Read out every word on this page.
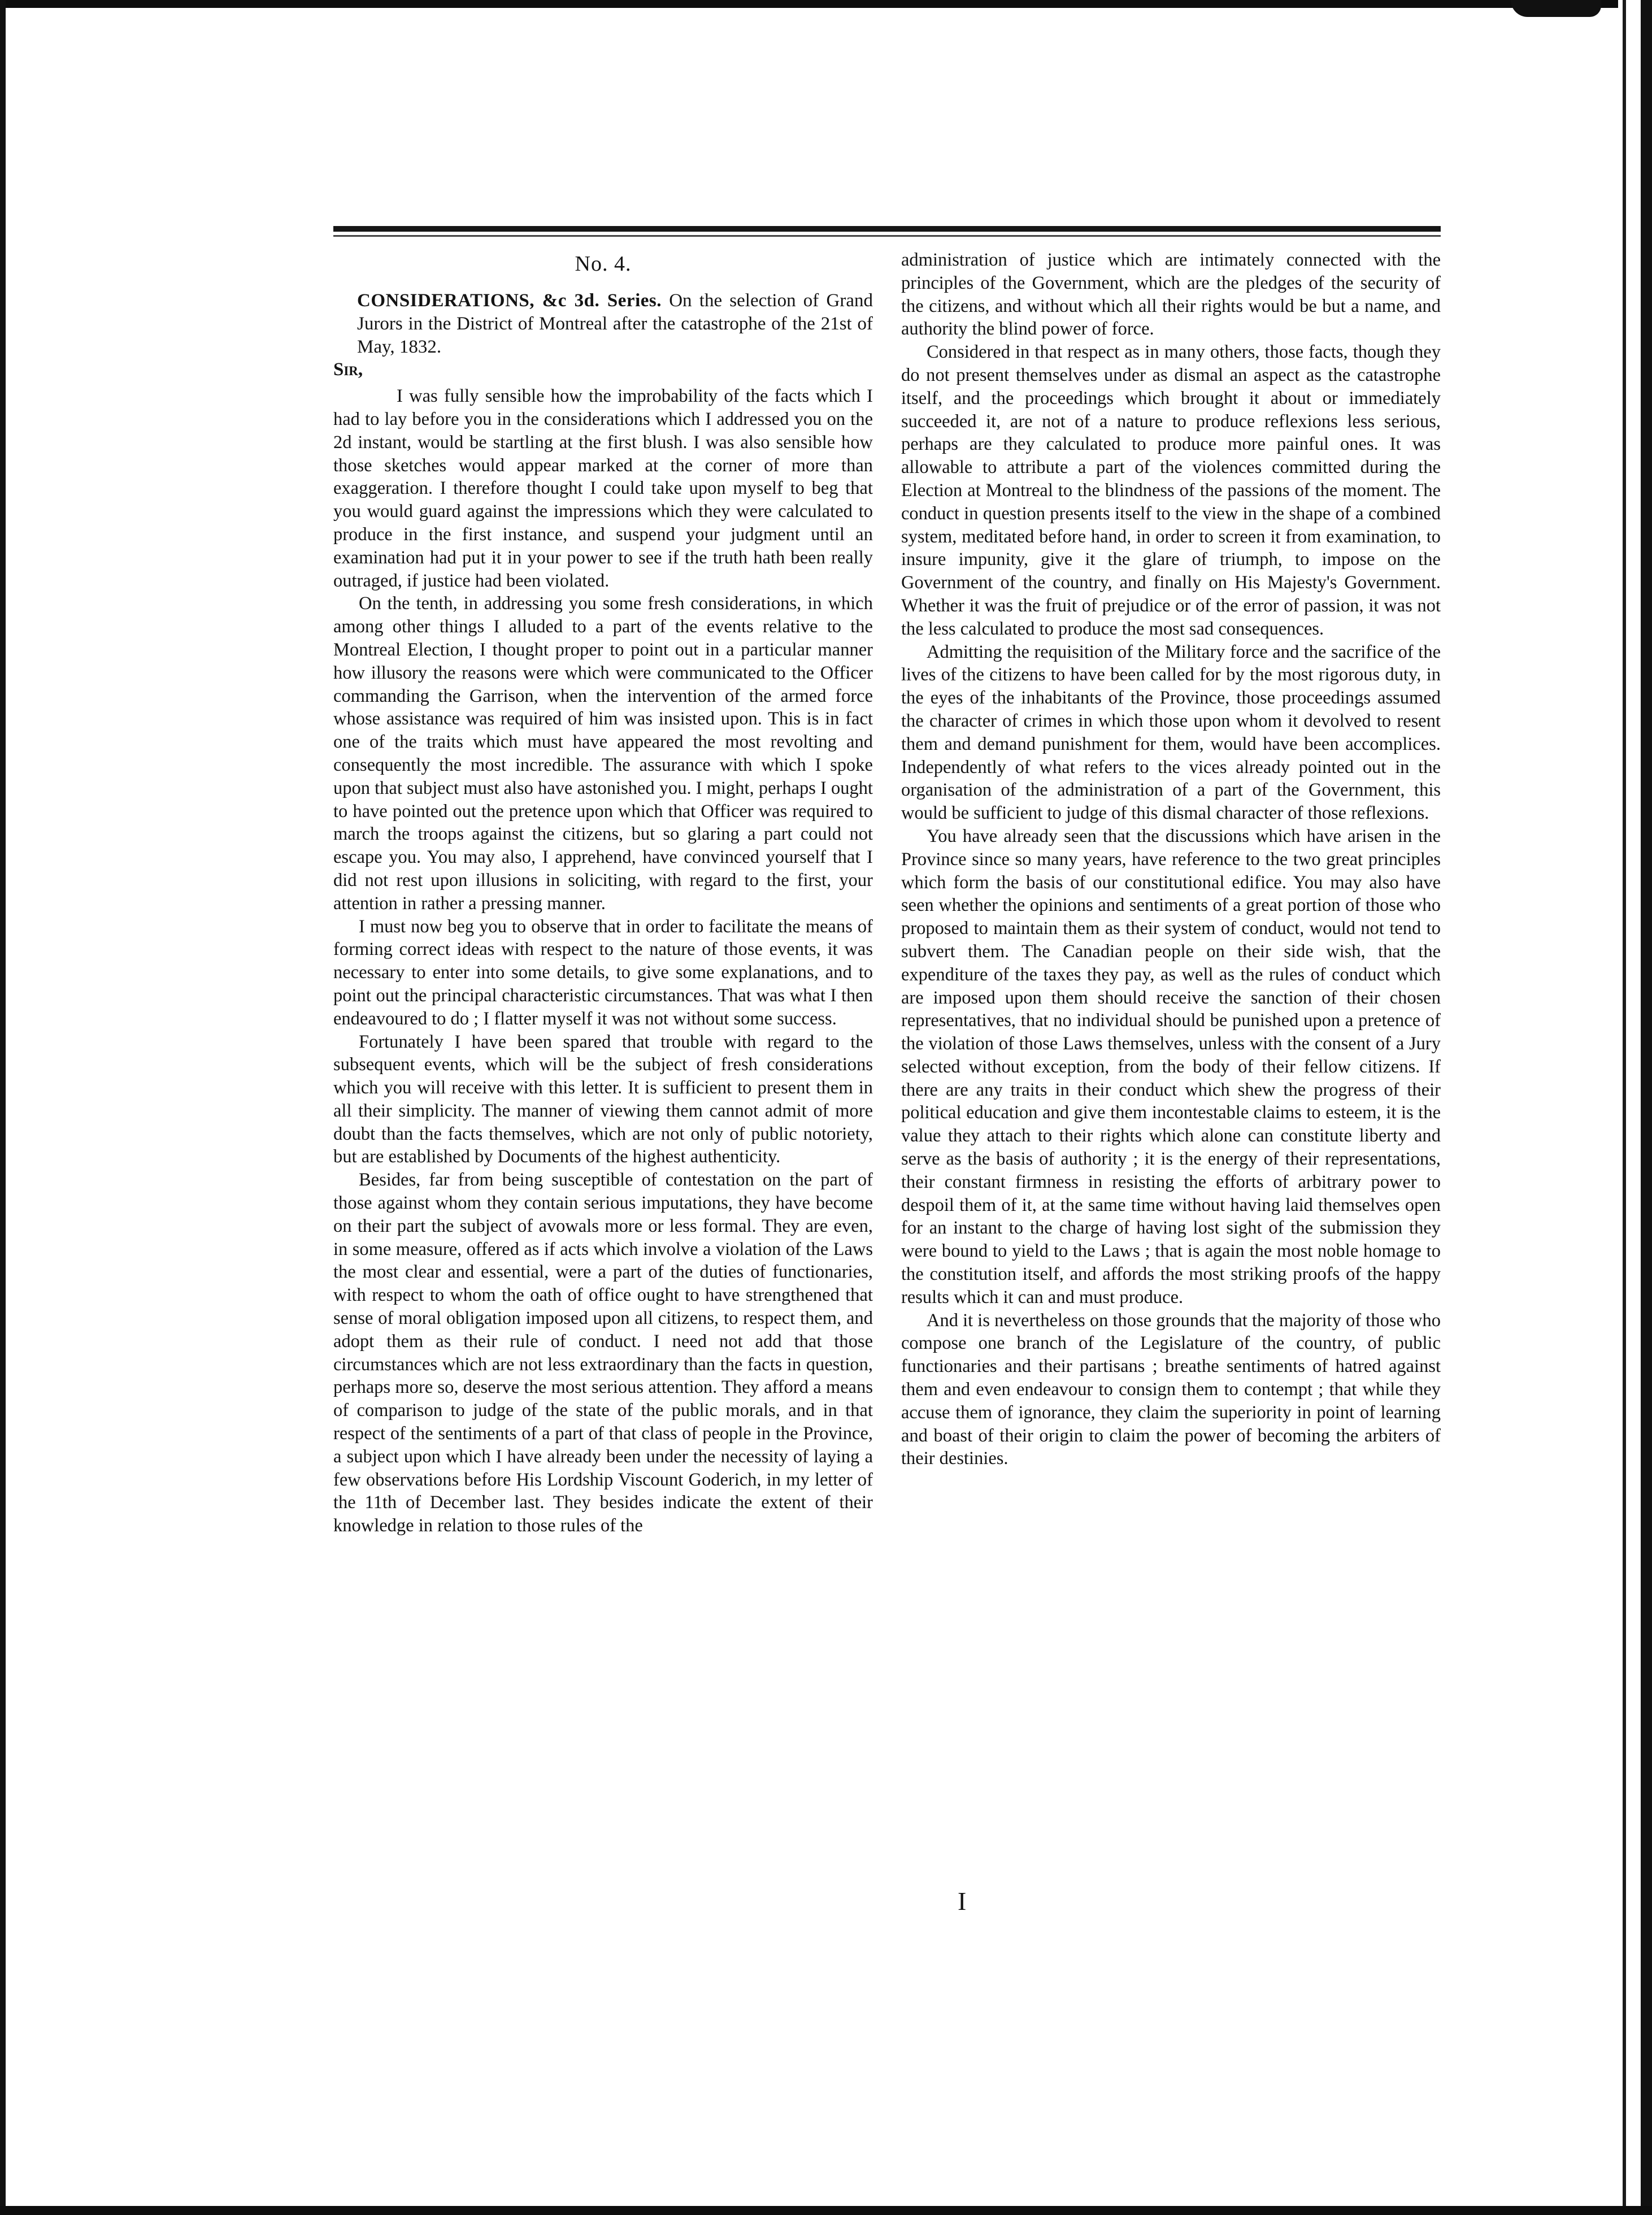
No. 4.

CONSIDERATIONS, &c 3d. Series. On the selection of Grand Jurors in the District of Montreal after the catastrophe of the 21st of May, 1832.

Sir,

I was fully sensible how the improbability of the facts which I had to lay before you in the considerations which I addressed you on the 2d instant, would be startling at the first blush. I was also sensible how those sketches would appear marked at the corner of more than exaggeration. I therefore thought I could take upon myself to beg that you would guard against the impressions which they were calculated to produce in the first instance, and suspend your judgment until an examination had put it in your power to see if the truth hath been really outraged, if justice had been violated.

On the tenth, in addressing you some fresh considerations, in which among other things I alluded to a part of the events relative to the Montreal Election, I thought proper to point out in a particular manner how illusory the reasons were which were communicated to the Officer commanding the Garrison, when the intervention of the armed force whose assistance was required of him was insisted upon. This is in fact one of the traits which must have appeared the most revolting and consequently the most incredible. The assurance with which I spoke upon that subject must also have astonished you. I might, perhaps I ought to have pointed out the pretence upon which that Officer was required to march the troops against the citizens, but so glaring a part could not escape you. You may also, I apprehend, have convinced yourself that I did not rest upon illusions in soliciting, with regard to the first, your attention in rather a pressing manner.

I must now beg you to observe that in order to facilitate the means of forming correct ideas with respect to the nature of those events, it was necessary to enter into some details, to give some explanations, and to point out the principal characteristic circumstances. That was what I then endeavoured to do ; I flatter myself it was not without some success.

Fortunately I have been spared that trouble with regard to the subsequent events, which will be the subject of fresh considerations which you will receive with this letter. It is sufficient to present them in all their simplicity. The manner of viewing them cannot admit of more doubt than the facts themselves, which are not only of public notoriety, but are established by Documents of the highest authenticity.

Besides, far from being susceptible of contestation on the part of those against whom they contain serious imputations, they have become on their part the subject of avowals more or less formal. They are even, in some measure, offered as if acts which involve a violation of the Laws the most clear and essential, were a part of the duties of functionaries, with respect to whom the oath of office ought to have strengthened that sense of moral obligation imposed upon all citizens, to respect them, and adopt them as their rule of conduct. I need not add that those circumstances which are not less extraordinary than the facts in question, perhaps more so, deserve the most serious attention. They afford a means of comparison to judge of the state of the public morals, and in that respect of the sentiments of a part of that class of people in the Province, a subject upon which I have already been under the necessity of laying a few observations before His Lordship Viscount Goderich, in my letter of the 11th of December last. They besides indicate the extent of their knowledge in relation to those rules of the

administration of justice which are intimately connected with the principles of the Government, which are the pledges of the security of the citizens, and without which all their rights would be but a name, and authority the blind power of force.

Considered in that respect as in many others, those facts, though they do not present themselves under as dismal an aspect as the catastrophe itself, and the proceedings which brought it about or immediately succeeded it, are not of a nature to produce reflexions less serious, perhaps are they calculated to produce more painful ones. It was allowable to attribute a part of the violences committed during the Election at Montreal to the blindness of the passions of the moment. The conduct in question presents itself to the view in the shape of a combined system, meditated before hand, in order to screen it from examination, to insure impunity, give it the glare of triumph, to impose on the Government of the country, and finally on His Majesty's Government. Whether it was the fruit of prejudice or of the error of passion, it was not the less calculated to produce the most sad consequences.

Admitting the requisition of the Military force and the sacrifice of the lives of the citizens to have been called for by the most rigorous duty, in the eyes of the inhabitants of the Province, those proceedings assumed the character of crimes in which those upon whom it devolved to resent them and demand punishment for them, would have been accomplices. Independently of what refers to the vices already pointed out in the organisation of the administration of a part of the Government, this would be sufficient to judge of this dismal character of those reflexions.

You have already seen that the discussions which have arisen in the Province since so many years, have reference to the two great principles which form the basis of our constitutional edifice. You may also have seen whether the opinions and sentiments of a great portion of those who proposed to maintain them as their system of conduct, would not tend to subvert them. The Canadian people on their side wish, that the expenditure of the taxes they pay, as well as the rules of conduct which are imposed upon them should receive the sanction of their chosen representatives, that no individual should be punished upon a pretence of the violation of those Laws themselves, unless with the consent of a Jury selected without exception, from the body of their fellow citizens. If there are any traits in their conduct which shew the progress of their political education and give them incontestable claims to esteem, it is the value they attach to their rights which alone can constitute liberty and serve as the basis of authority ; it is the energy of their representations, their constant firmness in resisting the efforts of arbitrary power to despoil them of it, at the same time without having laid themselves open for an instant to the charge of having lost sight of the submission they were bound to yield to the Laws ; that is again the most noble homage to the constitution itself, and affords the most striking proofs of the happy results which it can and must produce.

And it is nevertheless on those grounds that the majority of those who compose one branch of the Legislature of the country, of public functionaries and their partisans ; breathe sentiments of hatred against them and even endeavour to consign them to contempt ; that while they accuse them of ignorance, they claim the superiority in point of learning and boast of their origin to claim the power of becoming the arbiters of their destinies.

I
